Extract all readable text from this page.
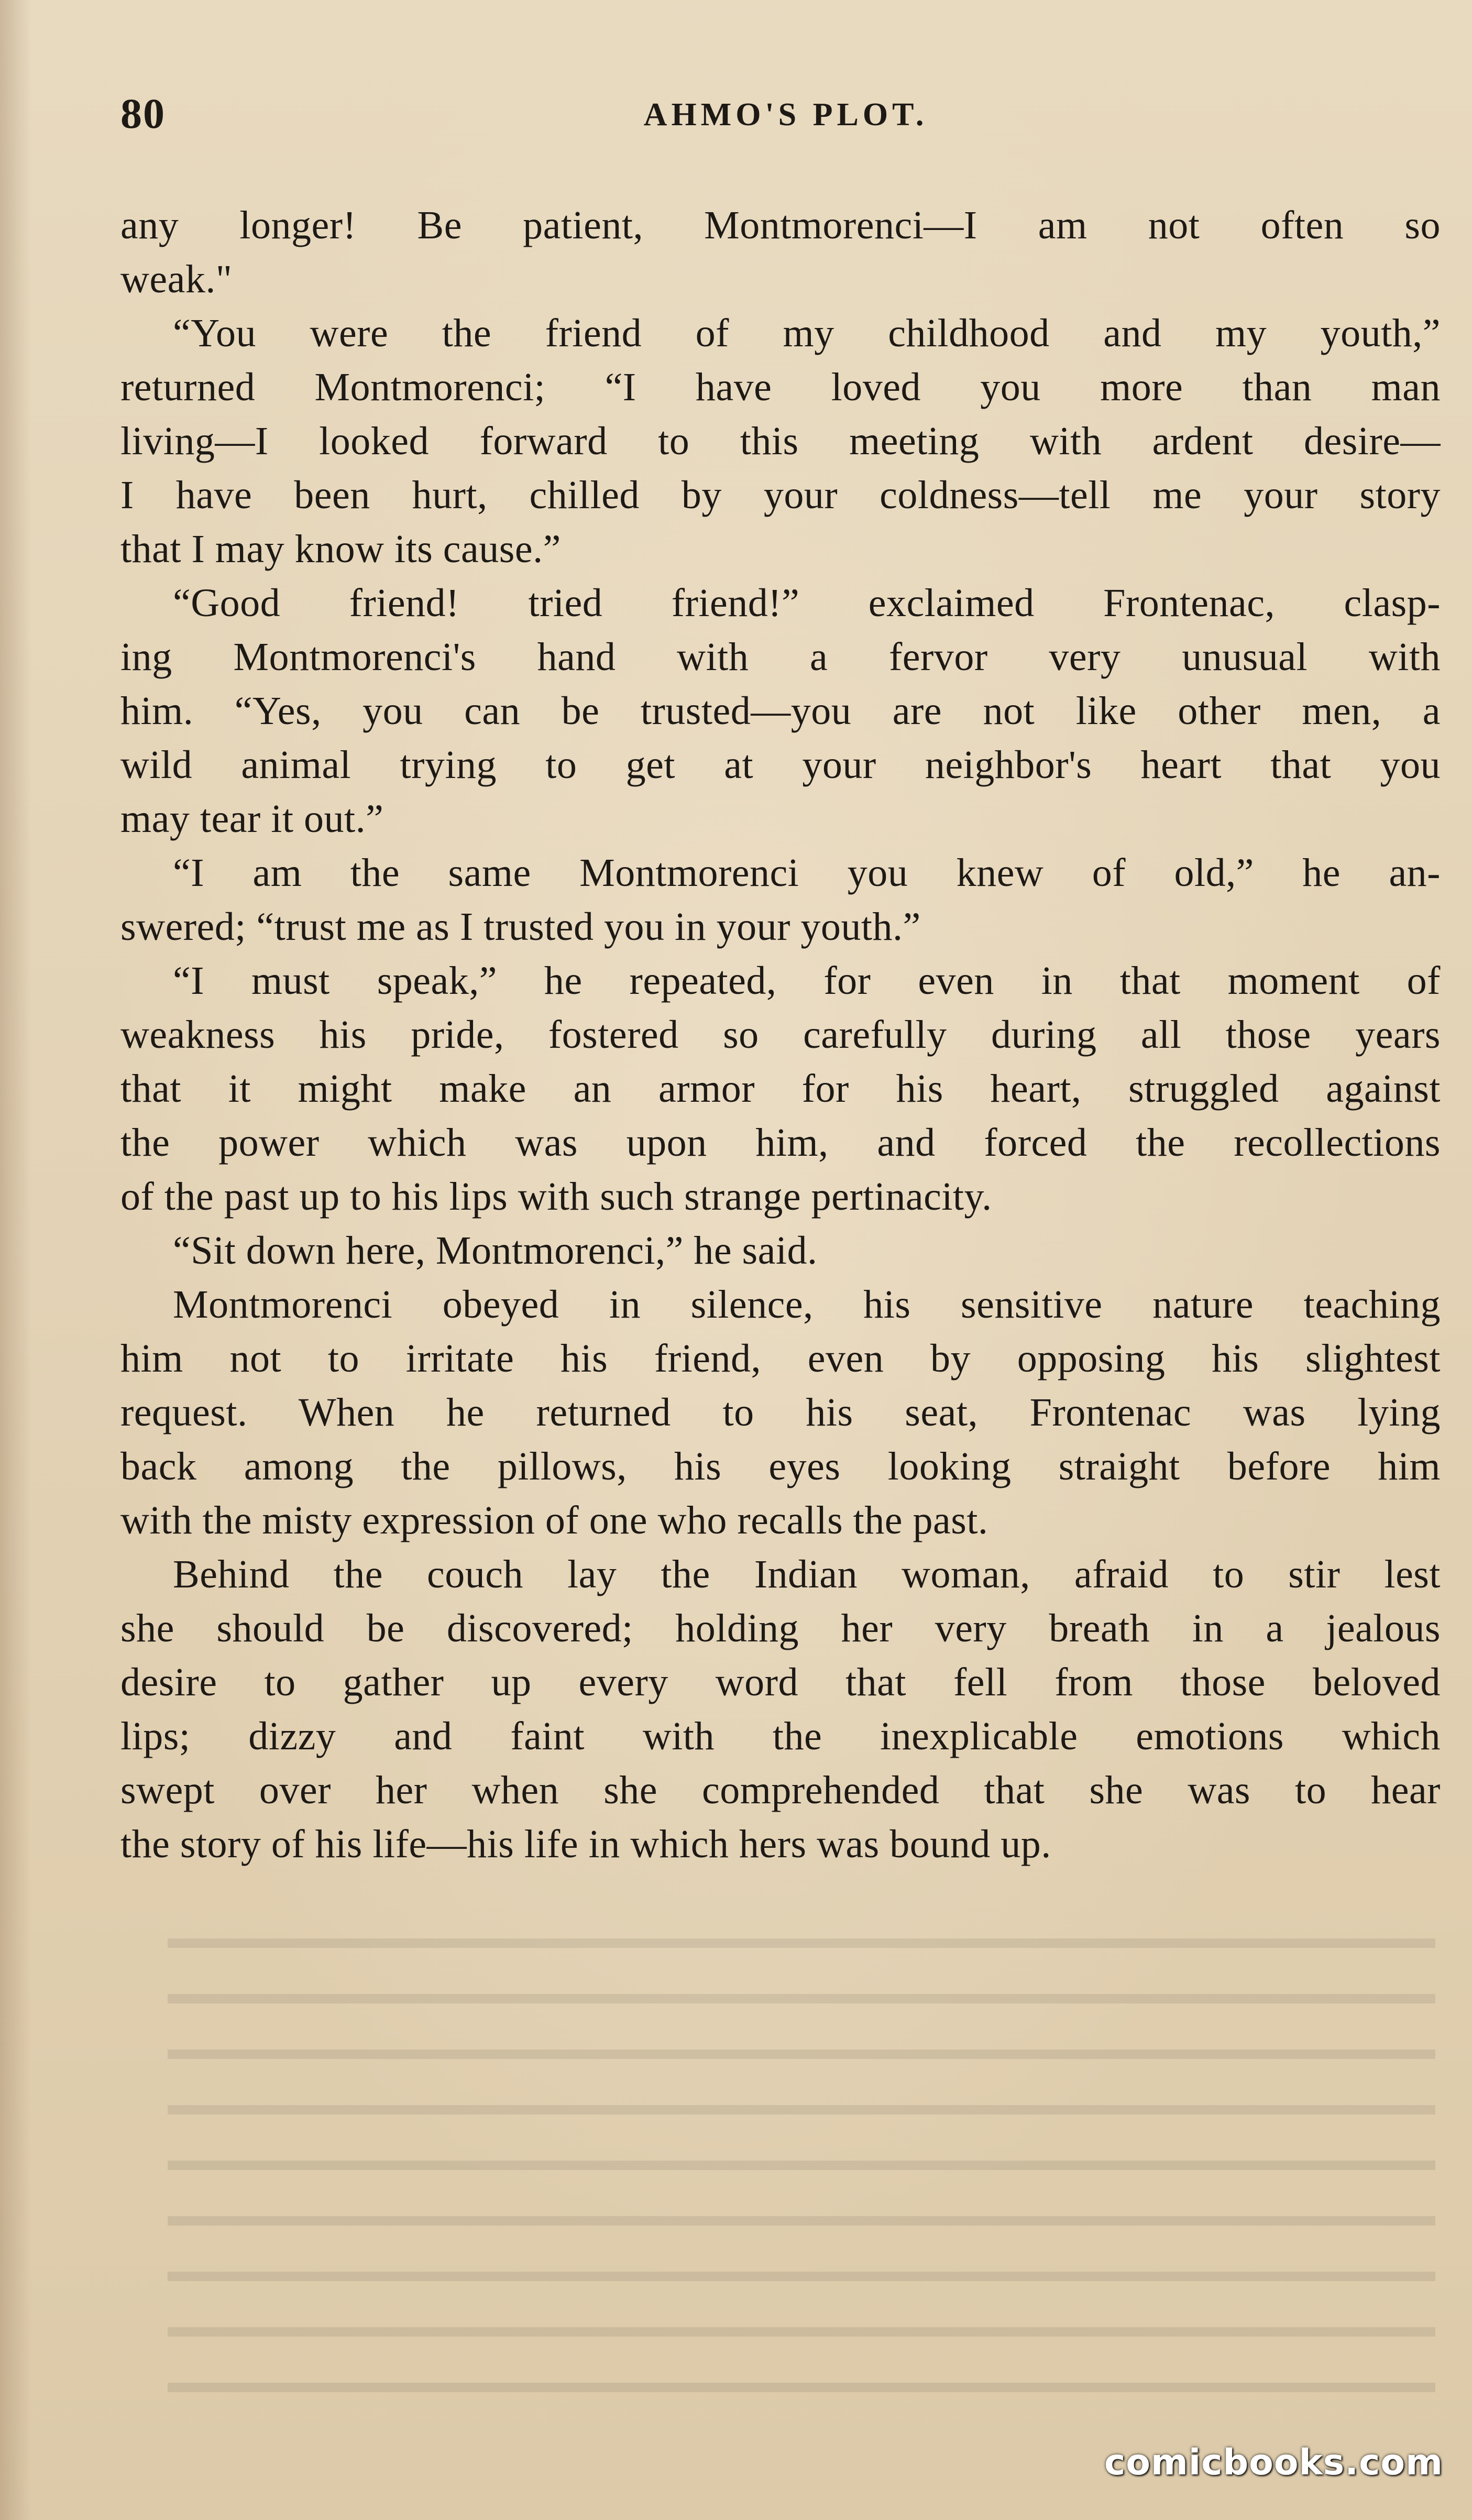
80	AHMO'S PLOT.
any longer! Be patient, Montmorenci—I am not often so
weak."
“You were the friend of my childhood and my youth,”
returned Montmorenci; “I have loved you more than man
living—I looked forward to this meeting with ardent desire—
I have been hurt, chilled by your coldness—tell me your story
that I may know its cause.”
“Good friend! tried friend!” exclaimed Frontenac, clasp-
ing Montmorenci's hand with a fervor very unusual with
him. “Yes, you can be trusted—you are not like other men, a
wild animal trying to get at your neighbor's heart that you
may tear it out.”
“I am the same Montmorenci you knew of old,” he an-
swered; “trust me as I trusted you in your youth.”
“I must speak,” he repeated, for even in that moment of
weakness his pride, fostered so carefully during all those years
that it might make an armor for his heart, struggled against
the power which was upon him, and forced the recollections
of the past up to his lips with such strange pertinacity.
“Sit down here, Montmorenci,” he said.
Montmorenci obeyed in silence, his sensitive nature teaching
him not to irritate his friend, even by opposing his slightest
request. When he returned to his seat, Frontenac was lying
back among the pillows, his eyes looking straight before him
with the misty expression of one who recalls the past.
Behind the couch lay the Indian woman, afraid to stir lest
she should be discovered; holding her very breath in a jealous
desire to gather up every word that fell from those beloved
lips; dizzy and faint with the inexplicable emotions which
swept over her when she comprehended that she was to hear
the story of his life—his life in which hers was bound up.
comicbooks.com
